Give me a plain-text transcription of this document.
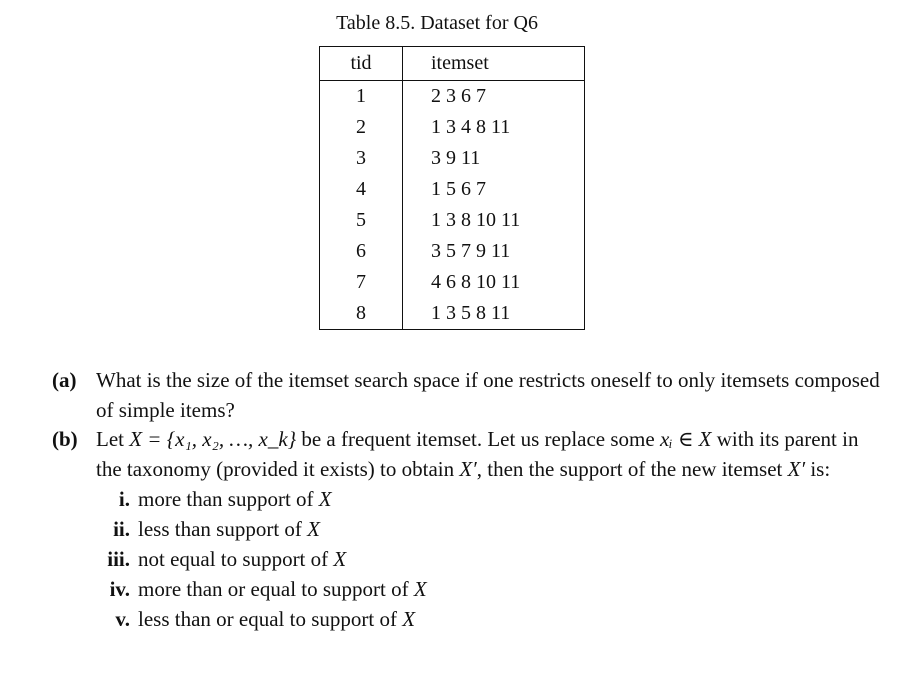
Table 8.5. Dataset for Q6
tid	itemset
1	2 3 6 7
2	1 3 4 8 11
3	3 9 11
4	1 5 6 7
5	1 3 8 10 11
6	3 5 7 9 11
7	4 6 8 10 11
8	1 3 5 8 11
(a) What is the size of the itemset search space if one restricts oneself to only itemsets composed of simple items?
(b) Let X = {x₁, x₂, …, x_k} be a frequent itemset. Let us replace some xᵢ ∈ X with its parent in the taxonomy (provided it exists) to obtain X′, then the support of the new itemset X′ is:
i. more than support of X
ii. less than support of X
iii. not equal to support of X
iv. more than or equal to support of X
v. less than or equal to support of X
